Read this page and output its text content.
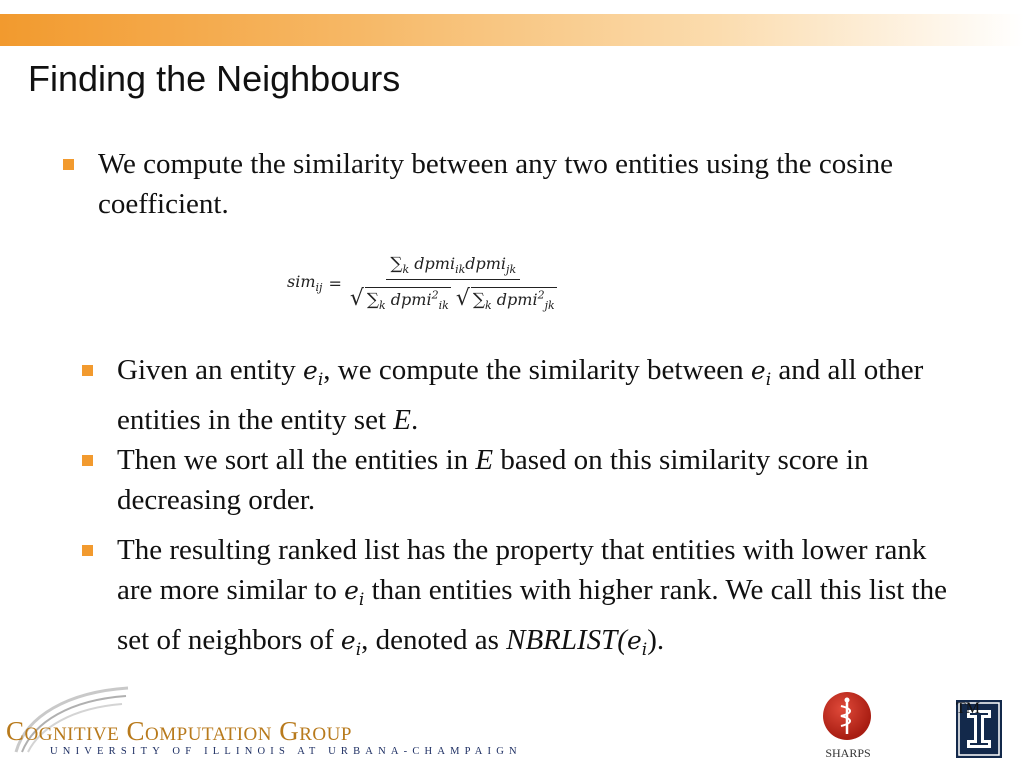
Finding the Neighbours
We compute the similarity between any two entities using the cosine coefficient.
$sim_{ij} = \frac{\sum_k dpmi_{ik}dpmi_{jk}}{√ \sum_k dpmi^2_{ik} √ \sum_k dpmi^2_{jk}}$
Given an entity $e_i$, we compute the similarity between $e_i$ and all other entities in the entity set E.
Then we sort all the entities in E based on this similarity score in decreasing order.
The resulting ranked list has the property that entities with lower rank are more similar to $e_i$ than entities with higher rank. We call this list the set of neighbors of $e_i$, denoted as $NBRLIST(e_i)$.
Cognitive Computation Group
UNIVERSITY OF ILLINOIS AT URBANA-CHAMPAIGN	SHARPS
TM
